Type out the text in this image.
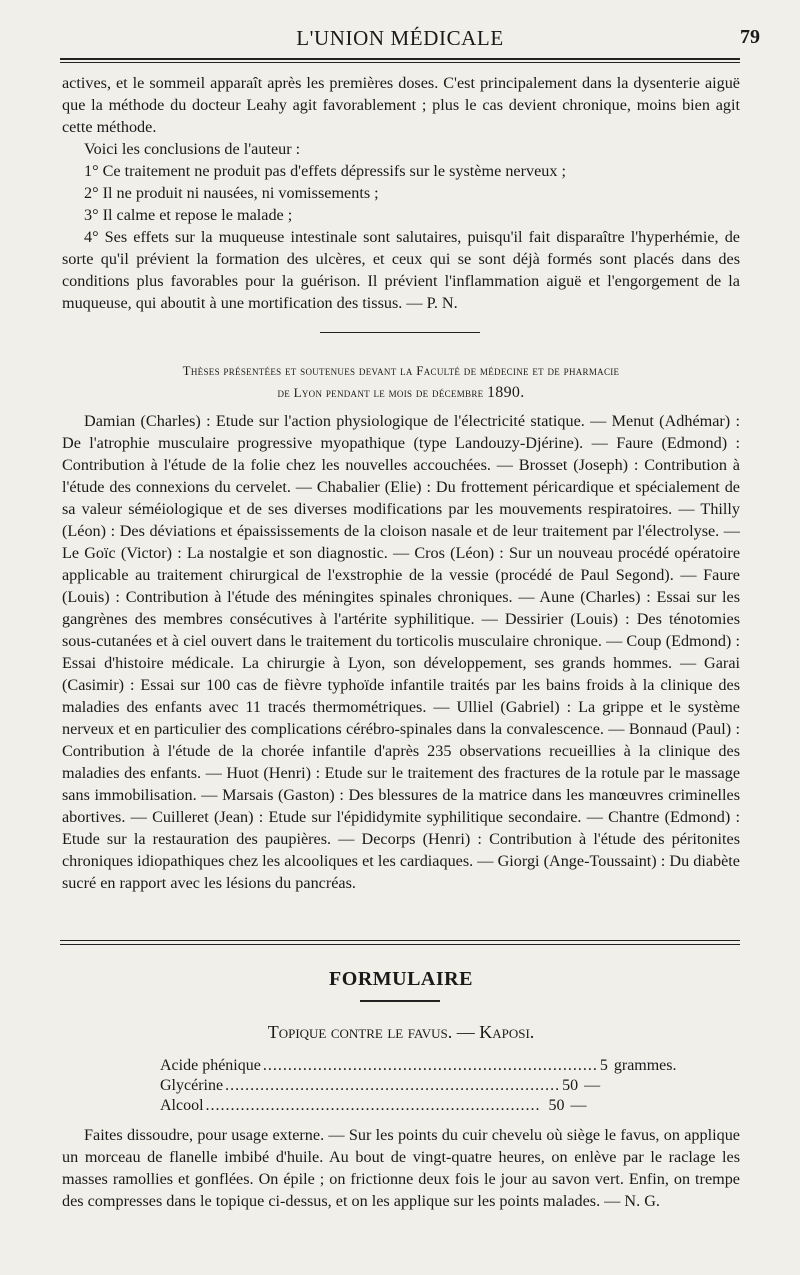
L'UNION MÉDICALE	79

actives, et le sommeil apparaît après les premières doses. C'est principalement dans la dysenterie aiguë que la méthode du docteur Leahy agit favorablement ; plus le cas devient chronique, moins bien agit cette méthode.

Voici les conclusions de l'auteur :

1° Ce traitement ne produit pas d'effets dépressifs sur le système nerveux ;

2° Il ne produit ni nausées, ni vomissements ;

3° Il calme et repose le malade ;

4° Ses effets sur la muqueuse intestinale sont salutaires, puisqu'il fait disparaître l'hyperhémie, de sorte qu'il prévient la formation des ulcères, et ceux qui se sont déjà formés sont placés dans des conditions plus favorables pour la guérison. Il prévient l'inflammation aiguë et l'engorgement de la muqueuse, qui aboutit à une mortification des tissus. — P. N.

Thèses présentées et soutenues devant la Faculté de médecine et de pharmacie
de Lyon pendant le mois de décembre 1890.

Damian (Charles) : Etude sur l'action physiologique de l'électricité statique. — Menut (Adhémar) : De l'atrophie musculaire progressive myopathique (type Landouzy-Djérine). — Faure (Edmond) : Contribution à l'étude de la folie chez les nouvelles accouchées. — Brosset (Joseph) : Contribution à l'étude des connexions du cervelet. — Chabalier (Elie) : Du frottement péricardique et spécialement de sa valeur séméiologique et de ses diverses modifications par les mouvements respiratoires. — Thilly (Léon) : Des déviations et épaississements de la cloison nasale et de leur traitement par l'électrolyse. — Le Goïc (Victor) : La nostalgie et son diagnostic. — Cros (Léon) : Sur un nouveau procédé opératoire applicable au traitement chirurgical de l'exstrophie de la vessie (procédé de Paul Segond). — Faure (Louis) : Contribution à l'étude des méningites spinales chroniques. — Aune (Charles) : Essai sur les gangrènes des membres consécutives à l'artérite syphilitique. — Dessirier (Louis) : Des ténotomies sous-cutanées et à ciel ouvert dans le traitement du torticolis musculaire chronique. — Coup (Edmond) : Essai d'histoire médicale. La chirurgie à Lyon, son développement, ses grands hommes. — Garai (Casimir) : Essai sur 100 cas de fièvre typhoïde infantile traités par les bains froids à la clinique des maladies des enfants avec 11 tracés thermométriques. — Ulliel (Gabriel) : La grippe et le système nerveux et en particulier des complications cérébro-spinales dans la convalescence. — Bonnaud (Paul) : Contribution à l'étude de la chorée infantile d'après 235 observations recueillies à la clinique des maladies des enfants. — Huot (Henri) : Etude sur le traitement des fractures de la rotule par le massage sans immobilisation. — Marsais (Gaston) : Des blessures de la matrice dans les manœuvres criminelles abortives. — Cuilleret (Jean) : Etude sur l'épididymite syphilitique secondaire. — Chantre (Edmond) : Etude sur la restauration des paupières. — Decorps (Henri) : Contribution à l'étude des péritonites chroniques idiopathiques chez les alcooliques et les cardiaques. — Giorgi (Ange-Toussaint) : Du diabète sucré en rapport avec les lésions du pancréas.

FORMULAIRE
Topique contre le favus. — Kaposi.
Acide phénique ................................................................... 5 grammes.
Glycérine ................................................................... 50 —
Alcool ................................................................... 50 —

Faites dissoudre, pour usage externe. — Sur les points du cuir chevelu où siège le favus, on applique un morceau de flanelle imbibé d'huile. Au bout de vingt-quatre heures, on enlève par le raclage les masses ramollies et gonflées. On épile ; on frictionne deux fois le jour au savon vert. Enfin, on trempe des compresses dans le topique ci-dessus, et on les applique sur les points malades. — N. G.
